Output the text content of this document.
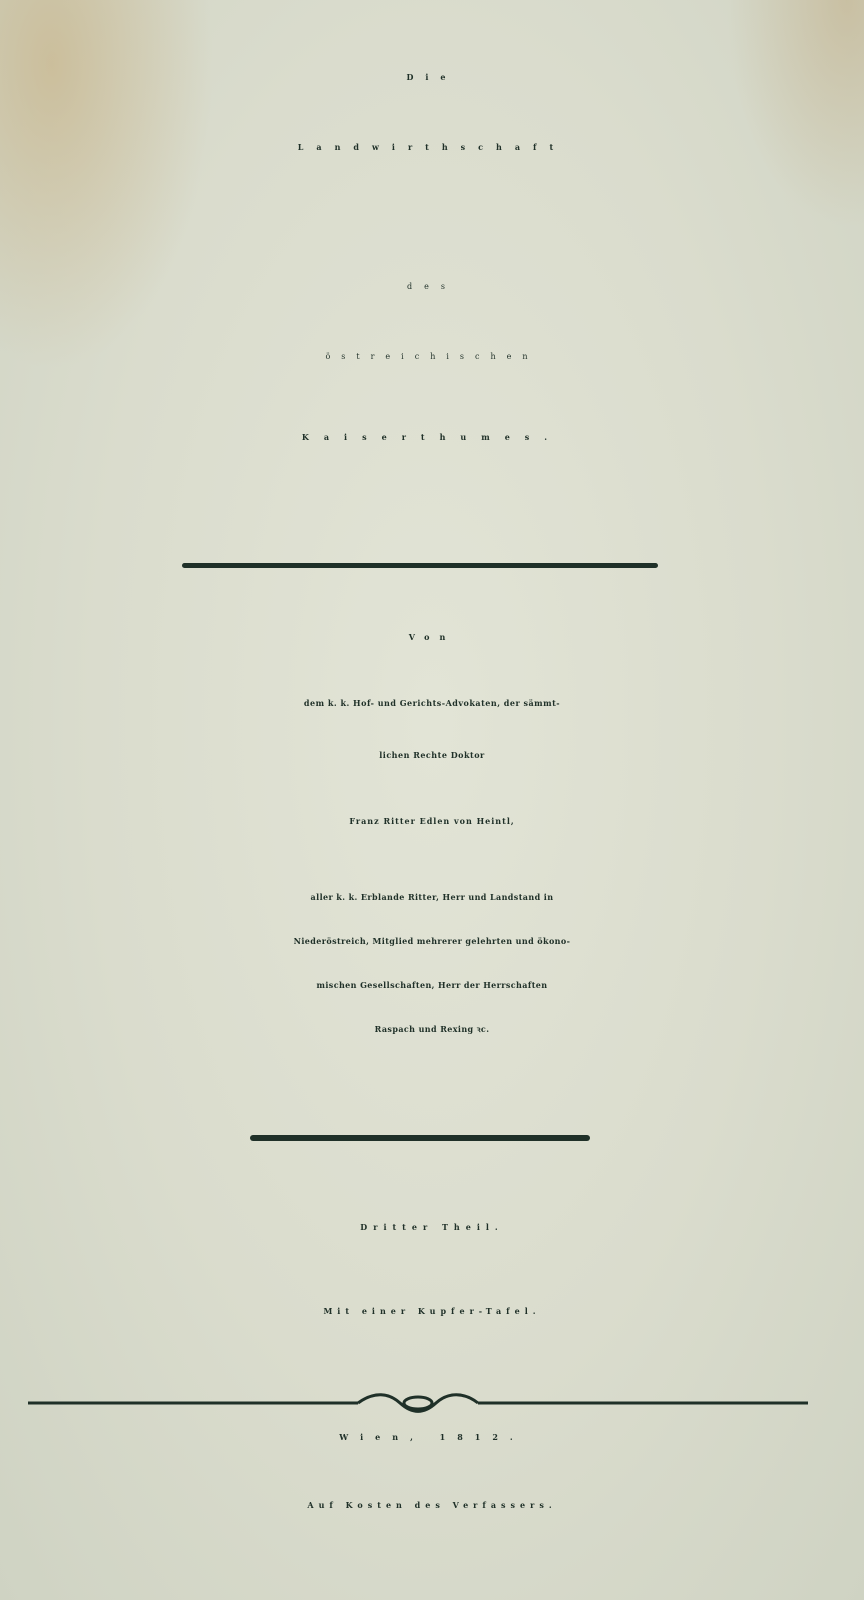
Die
Landwirthschaft
des
östreichischen
Kaiserthumes.
Von
dem k. k. Hof- und Gerichts-Advokaten, der sämmt-
lichen Rechte Doktor
Franz Ritter Edlen von Heintl,
aller k. k. Erblande Ritter, Herr und Landstand in
Niederöstreich, Mitglied mehrerer gelehrten und ökono-
mischen Gesellschaften, Herr der Herrschaften
Raspach und Rexing ꝛc.
Dritter Theil.
Mit einer Kupfer-Tafel.
Wien, 1812.
Auf Kosten des Verfassers.
